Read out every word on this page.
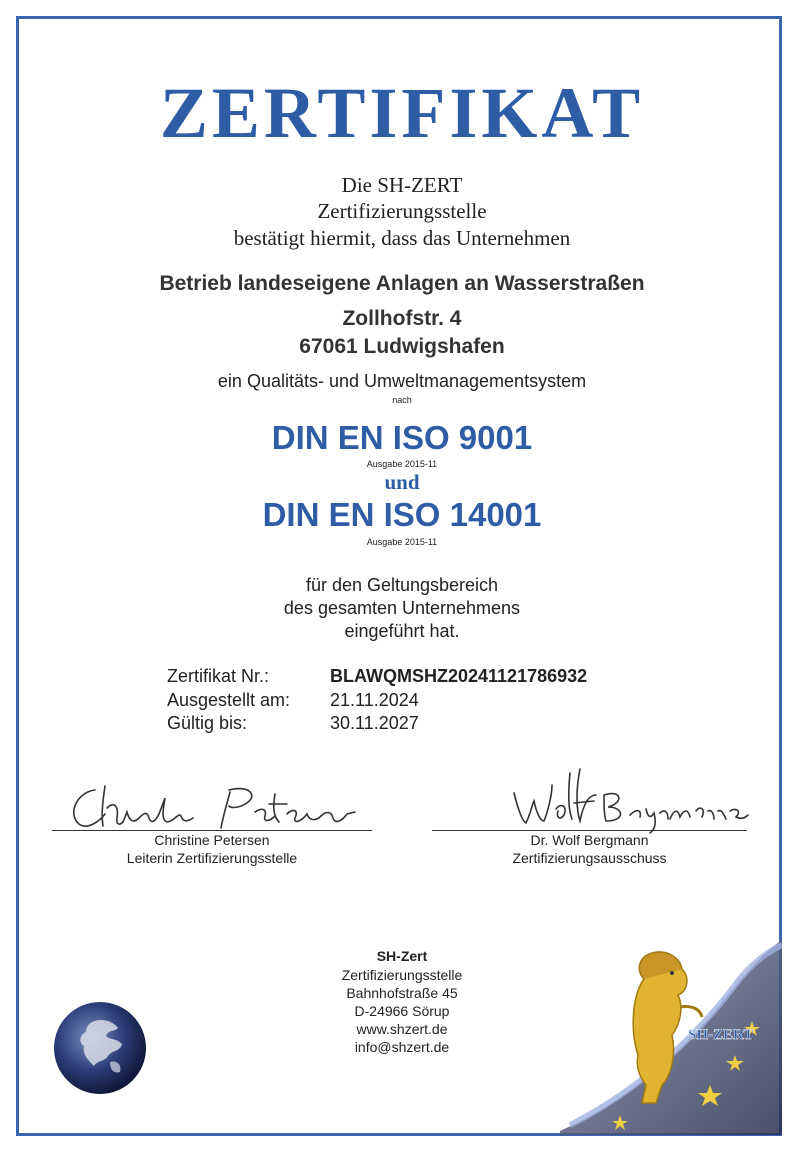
ZERTIFIKAT
Die SH-ZERT
Zertifizierungsstelle
bestätigt hiermit, dass das Unternehmen
Betrieb landeseigene Anlagen an Wasserstraßen
Zollhofstr. 4
67061 Ludwigshafen
ein Qualitäts- und Umweltmanagementsystem
nach
DIN EN ISO 9001
Ausgabe 2015-11
und
DIN EN ISO 14001
Ausgabe 2015-11
für den Geltungsbereich
des gesamten Unternehmens
eingeführt hat.
Zertifikat Nr.:	BLAWQMSHZ20241121786932
Ausgestellt am: 21.11.2024
Gültig bis:	30.11.2027
Christine Petersen
Leiterin Zertifizierungsstelle
Dr. Wolf Bergmann
Zertifizierungsausschuss
SH-Zert
Zertifizierungsstelle
Bahnhofstraße 45
D-24966 Sörup
www.shzert.de
info@shzert.de
SH-ZERT
